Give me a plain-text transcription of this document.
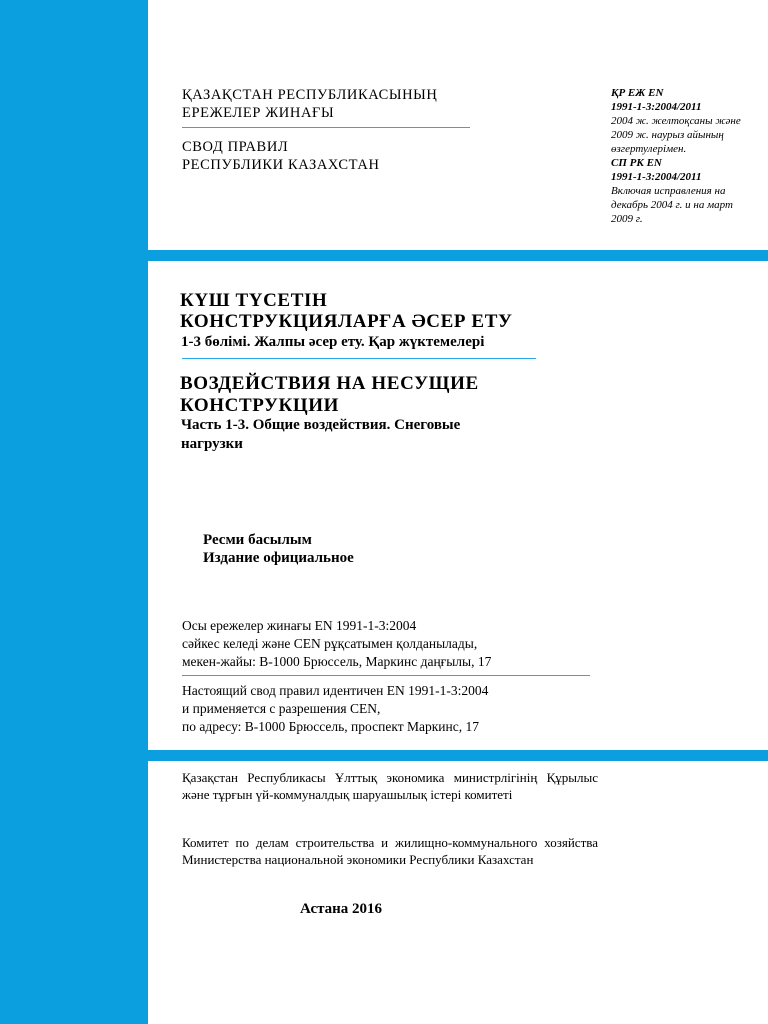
ҚАЗАҚСТАН РЕСПУБЛИКАСЫНЫҢ
ЕРЕЖЕЛЕР ЖИНАҒЫ
СВОД ПРАВИЛ
РЕСПУБЛИКИ КАЗАХСТАН
ҚР ЕЖ EN
1991-1-3:2004/2011
2004 ж. желтоқсаны және
2009 ж. наурыз айының
өзгертулерімен.
СП РК EN
1991-1-3:2004/2011
Включая исправления на
декабрь 2004 г. и на март
2009 г.
КҮШ ТҮСЕТІН
КОНСТРУКЦИЯЛАРҒА ӘСЕР ЕТУ
1-3 бөлімі. Жалпы әсер ету. Қар жүктемелері
ВОЗДЕЙСТВИЯ НА НЕСУЩИЕ
КОНСТРУКЦИИ
Часть 1-3. Общие воздействия. Снеговые
нагрузки
Ресми басылым
Издание официальное
Осы ережелер жинағы EN 1991-1-3:2004
сәйкес келеді және CEN рұқсатымен қолданылады,
мекен-жайы: В-1000 Брюссель, Маркинс даңғылы, 17
Настоящий свод правил идентичен EN 1991-1-3:2004
и применяется с разрешения CEN,
по адресу: В-1000 Брюссель, проспект Маркинс, 17
Қазақстан Республикасы Ұлттық экономика министрлігінің Құрылыс және тұрғын үй-коммуналдық шаруашылық істері комитеті
Комитет по делам строительства и жилищно-коммунального хозяйства Министерства национальной экономики Республики Казахстан
Астана 2016
